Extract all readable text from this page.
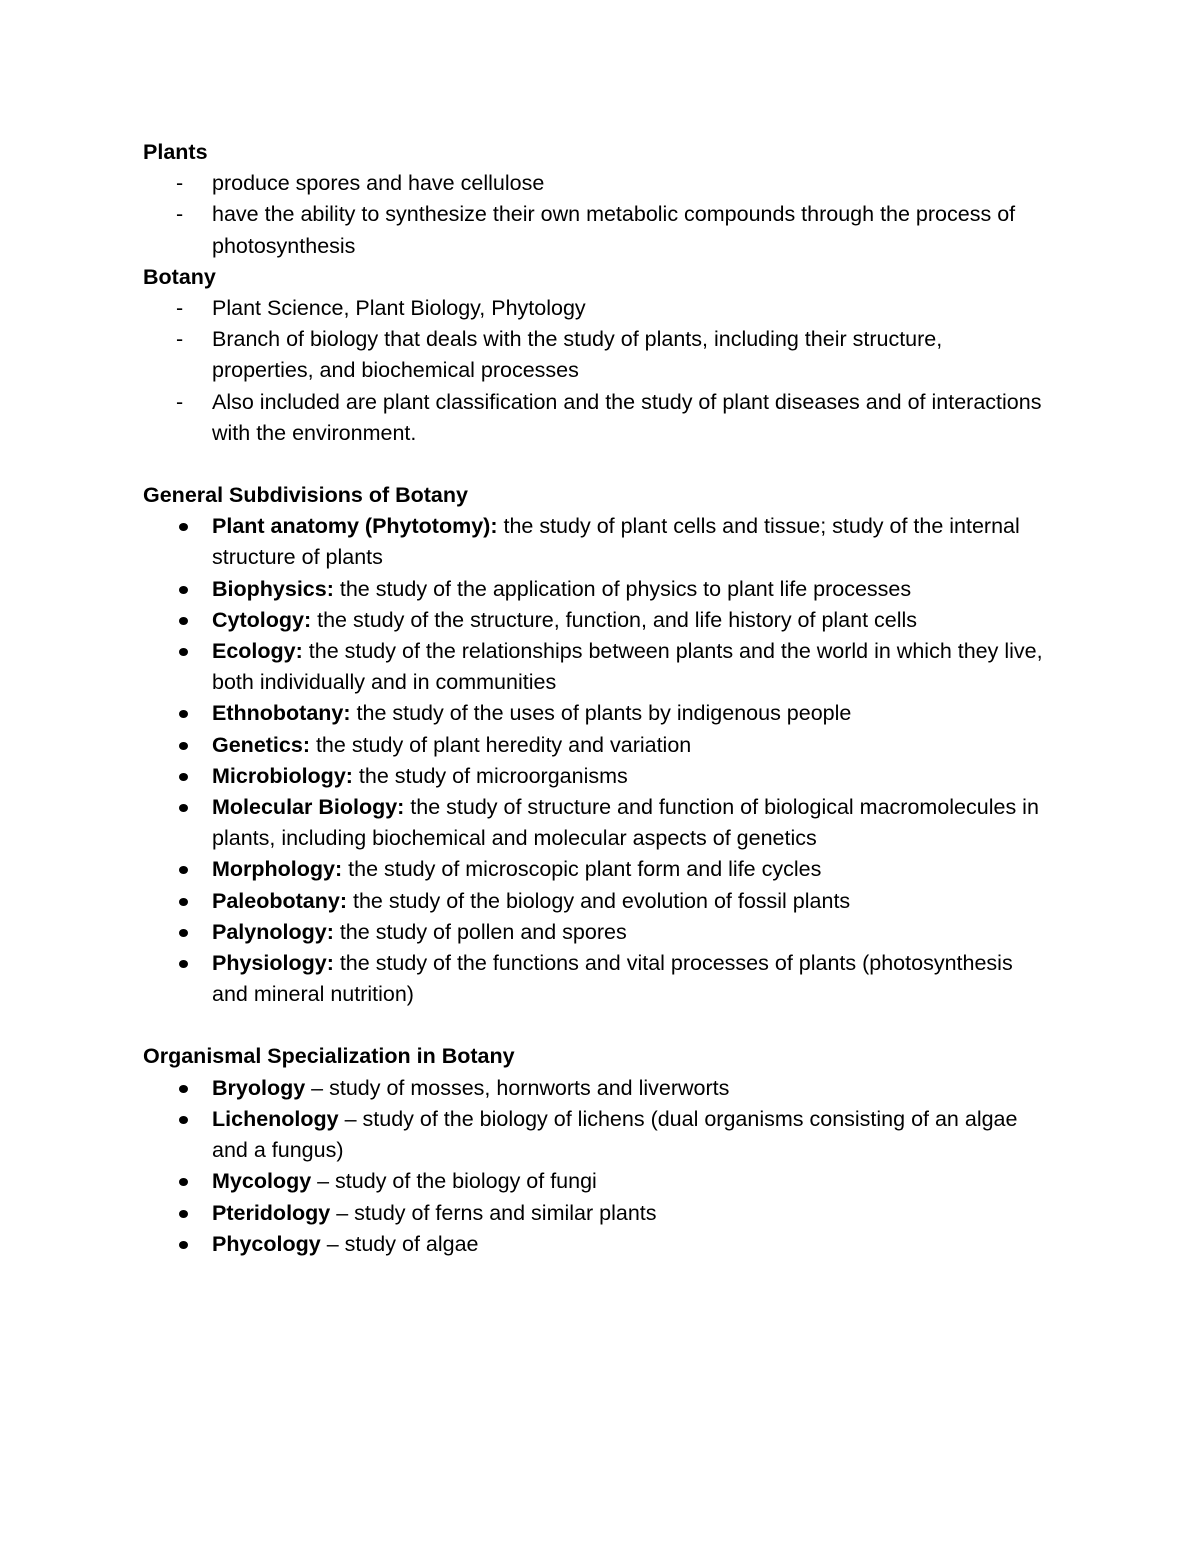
Plants

- produce spores and have cellulose
- have the ability to synthesize their own metabolic compounds through the process of photosynthesis

Botany

- Plant Science, Plant Biology, Phytology
- Branch of biology that deals with the study of plants, including their structure, properties, and biochemical processes
- Also included are plant classification and the study of plant diseases and of interactions with the environment.

General Subdivisions of Botany

Plant anatomy (Phytotomy): the study of plant cells and tissue; study of the internal structure of plants
Biophysics: the study of the application of physics to plant life processes
Cytology: the study of the structure, function, and life history of plant cells
Ecology: the study of the relationships between plants and the world in which they live, both individually and in communities
Ethnobotany: the study of the uses of plants by indigenous people
Genetics: the study of plant heredity and variation
Microbiology: the study of microorganisms
Molecular Biology: the study of structure and function of biological macromolecules in plants, including biochemical and molecular aspects of genetics
Morphology: the study of microscopic plant form and life cycles
Paleobotany: the study of the biology and evolution of fossil plants
Palynology: the study of pollen and spores
Physiology: the study of the functions and vital processes of plants (photosynthesis and mineral nutrition)

Organismal Specialization in Botany

Bryology – study of mosses, hornworts and liverworts
Lichenology – study of the biology of lichens (dual organisms consisting of an algae and a fungus)
Mycology – study of the biology of fungi
Pteridology – study of ferns and similar plants
Phycology – study of algae
